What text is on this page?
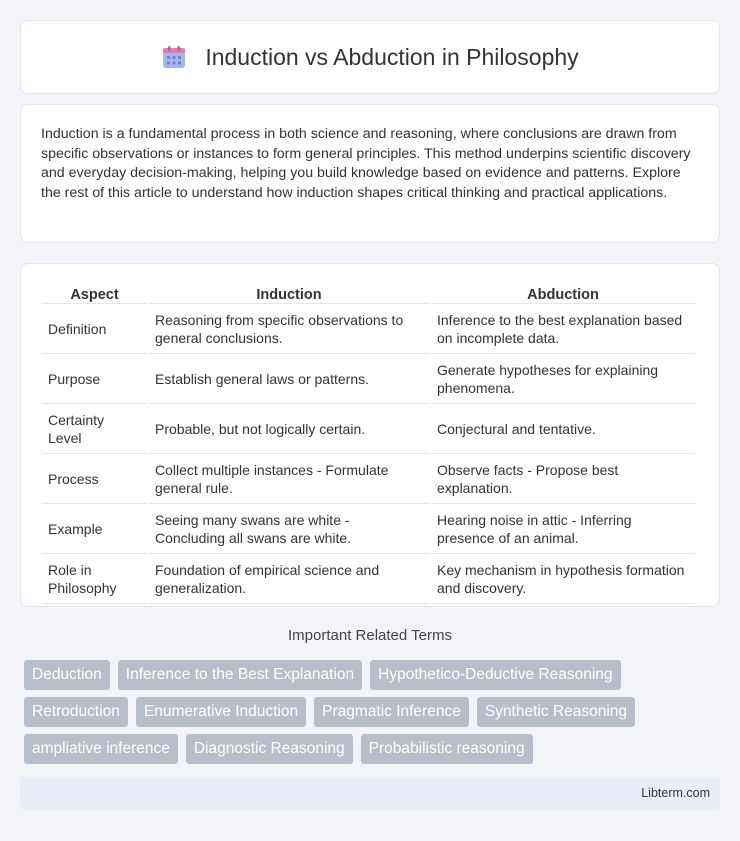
Induction vs Abduction in Philosophy

Induction is a fundamental process in both science and reasoning, where conclusions are drawn from specific observations or instances to form general principles. This method underpins scientific discovery and everyday decision-making, helping you build knowledge based on evidence and patterns. Explore the rest of this article to understand how induction shapes critical thinking and practical applications.

Aspect	Induction	Abduction
Definition	Reasoning from specific observations to general conclusions.	Inference to the best explanation based on incomplete data.
Purpose	Establish general laws or patterns.	Generate hypotheses for explaining phenomena.
Certainty Level	Probable, but not logically certain.	Conjectural and tentative.
Process	Collect multiple instances - Formulate general rule.	Observe facts - Propose best explanation.
Example	Seeing many swans are white - Concluding all swans are white.	Hearing noise in attic - Inferring presence of an animal.
Role in Philosophy	Foundation of empirical science and generalization.	Key mechanism in hypothesis formation and discovery.
Important Related Terms
Deduction	Inference to the Best Explanation	Hypothetico-Deductive Reasoning
Retroduction	Enumerative Induction	Pragmatic Inference	Synthetic Reasoning
ampliative inference	Diagnostic Reasoning	Probabilistic reasoning
Libterm.com
